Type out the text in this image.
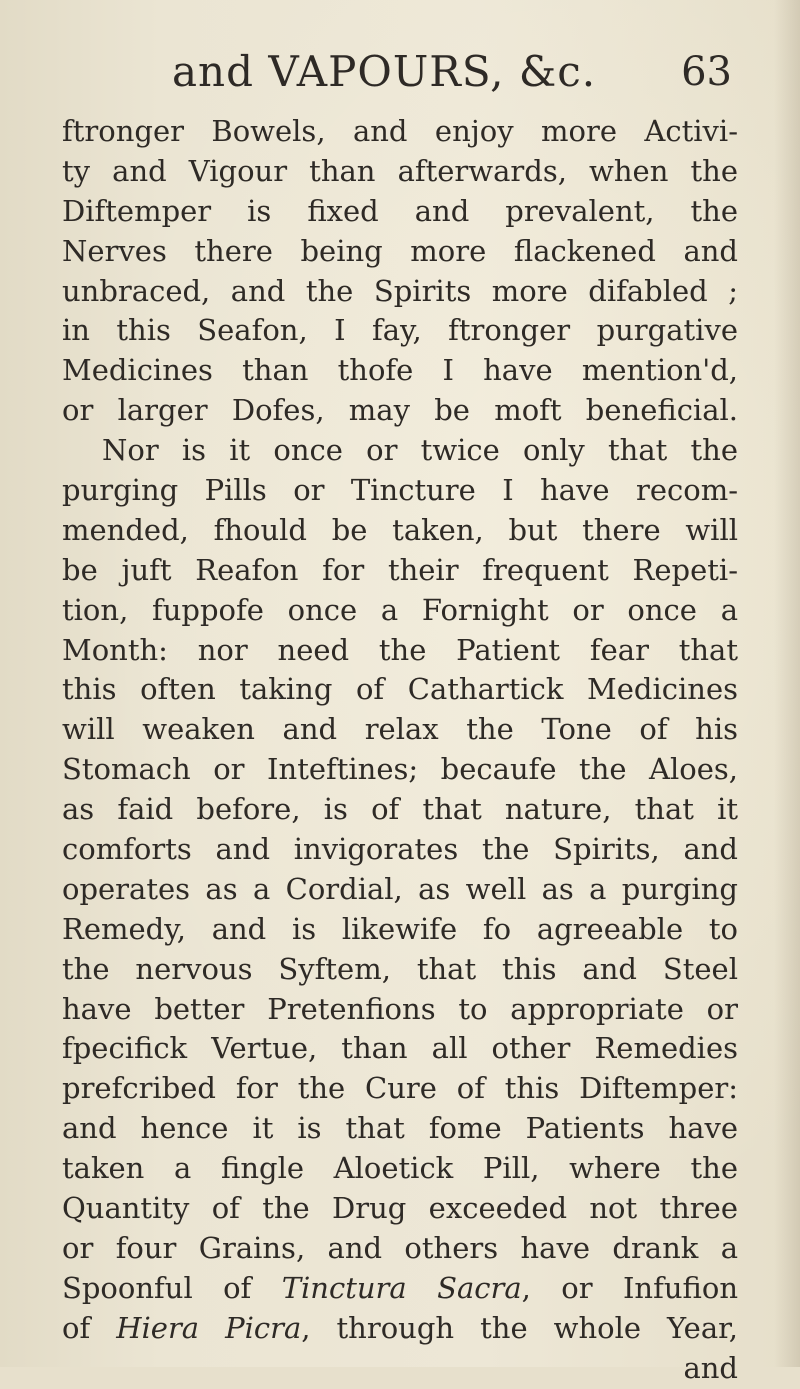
and VAPOURS, &c. 63
ftronger Bowels, and enjoy more Activi-
ty and Vigour than afterwards, when the
Diftemper is fixed and prevalent, the
Nerves there being more flackened and
unbraced, and the Spirits more difabled ;
in this Seafon, I fay, ftronger purgative
Medicines than thofe I have mention'd,
or larger Dofes, may be moft beneficial.
Nor is it once or twice only that the
purging Pills or Tincture I have recom-
mended, fhould be taken, but there will
be juft Reafon for their frequent Repeti-
tion, fuppofe once a Fornight or once a
Month: nor need the Patient fear that
this often taking of Cathartick Medicines
will weaken and relax the Tone of his
Stomach or Inteftines; becaufe the Aloes,
as faid before, is of that nature, that it
comforts and invigorates the Spirits, and
operates as a Cordial, as well as a purging
Remedy, and is likewife fo agreeable to
the nervous Syftem, that this and Steel
have better Pretenfions to appropriate or
fpecifick Vertue, than all other Remedies
prefcribed for the Cure of this Diftemper:
and hence it is that fome Patients have
taken a fingle Aloetick Pill, where the
Quantity of the Drug exceeded not three
or four Grains, and others have drank a
Spoonful of Tinctura Sacra, or Infufion
of Hiera Picra, through the whole Year,
and
